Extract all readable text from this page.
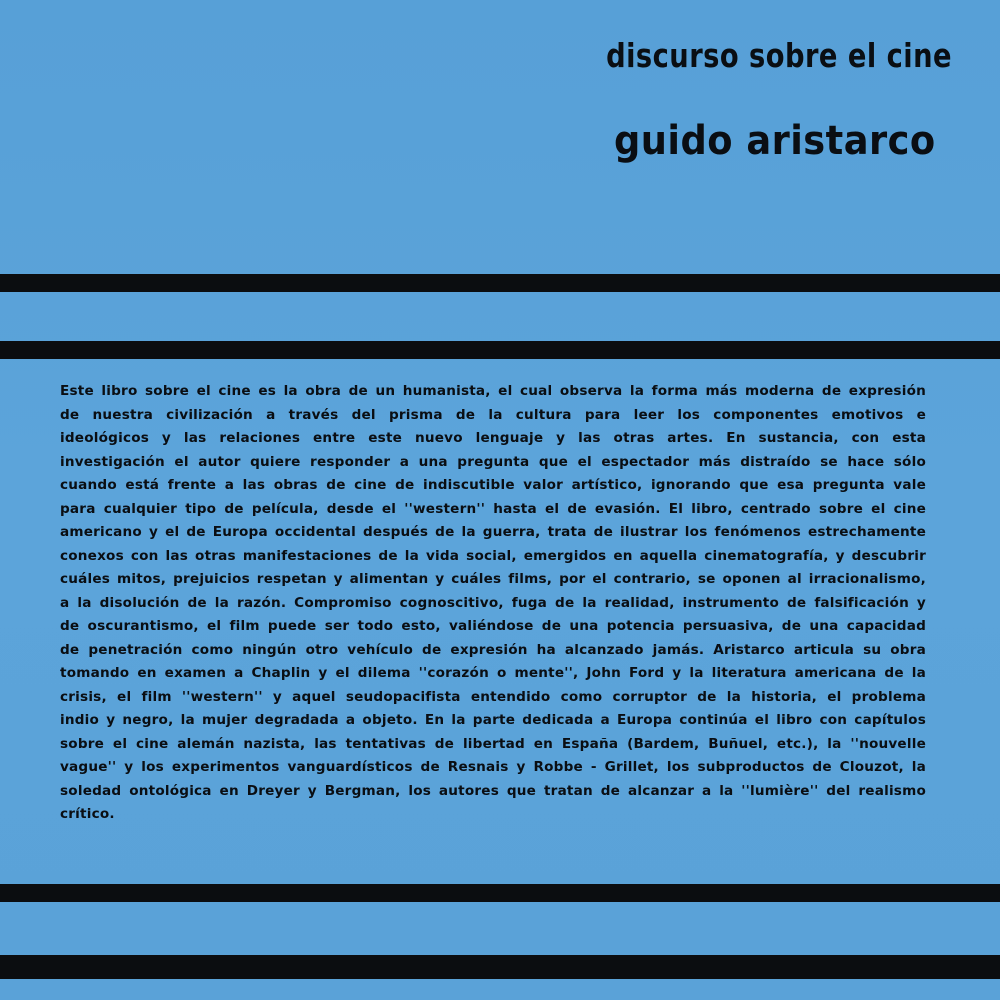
discurso sobre el cine
guido aristarco
Este libro sobre el cine es la obra de un humanista, el cual observa la forma más moderna de expresión de nuestra civilización a través del prisma de la cultura para leer los componentes emotivos e ideológicos y las relaciones entre este nuevo lenguaje y las otras artes. En sustancia, con esta investigación el autor quiere responder a una pregunta que el espectador más distraído se hace sólo cuando está frente a las obras de cine de indiscutible valor artístico, ignorando que esa pregunta vale para cualquier tipo de película, desde el ''western'' hasta el de evasión. El libro, centrado sobre el cine americano y el de Europa occidental después de la guerra, trata de ilustrar los fenómenos estrechamente conexos con las otras manifestaciones de la vida social, emergidos en aquella cinematografía, y descubrir cuáles mitos, prejuicios respetan y alimentan y cuáles films, por el contrario, se oponen al irracionalismo, a la disolución de la razón. Compromiso cognoscitivo, fuga de la realidad, instrumento de falsificación y de oscurantismo, el film puede ser todo esto, valiéndose de una potencia persuasiva, de una capacidad de penetración como ningún otro vehículo de expresión ha alcanzado jamás. Aristarco articula su obra tomando en examen a Chaplin y el dilema ''corazón o mente'', John Ford y la literatura americana de la crisis, el film ''western'' y aquel seudopacifista entendido como corruptor de la historia, el problema indio y negro, la mujer degradada a objeto. En la parte dedicada a Europa continúa el libro con capítulos sobre el cine alemán nazista, las tentativas de libertad en España (Bardem, Buñuel, etc.), la ''nouvelle vague'' y los experimentos vanguardísticos de Resnais y Robbe - Grillet, los subproductos de Clouzot, la soledad ontológica en Dreyer y Bergman, los autores que tratan de alcanzar a la ''lumière'' del realismo crítico.
